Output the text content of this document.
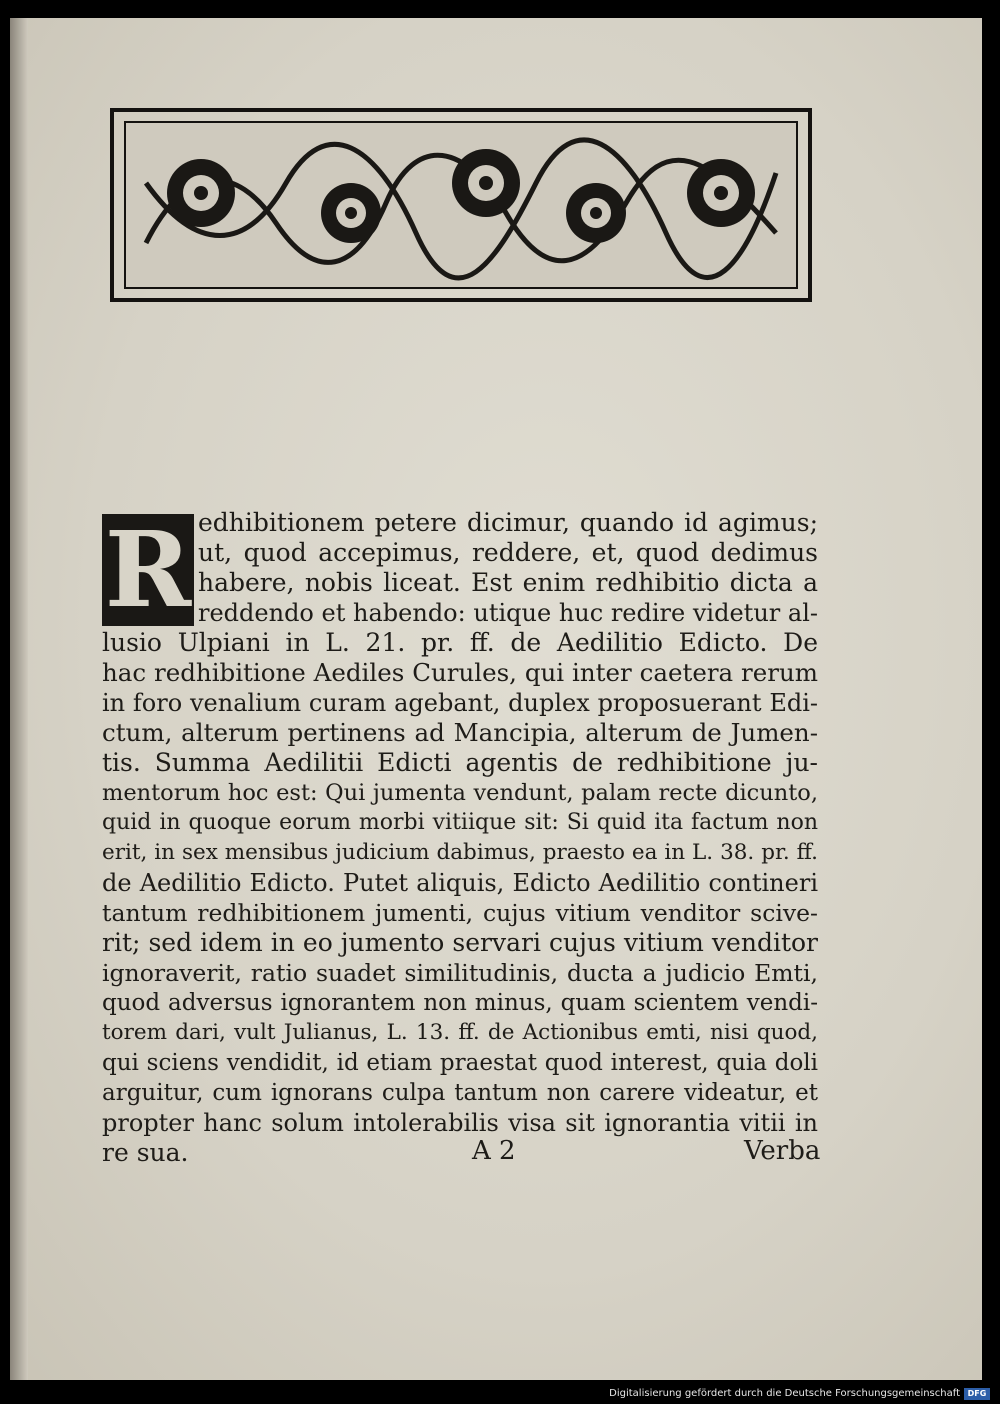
R edhibitionem petere dicimur, quando id agimus;
ut, quod accepimus, reddere, et, quod dedimus
habere, nobis liceat. Est enim redhibitio dicta a
reddendo et habendo: utique huc redire videtur al-
lusio Ulpiani in L. 21. pr. ff. de Aedilitio Edicto. De
hac redhibitione Aediles Curules, qui inter caetera rerum
in foro venalium curam agebant, duplex proposuerant Edi-
ctum, alterum pertinens ad Mancipia, alterum de Jumen-
tis. Summa Aedilitii Edicti agentis de redhibitione ju-
mentorum hoc est: Qui jumenta vendunt, palam recte dicunto,
quid in quoque eorum morbi vitiique sit: Si quid ita factum non
erit, in sex mensibus judicium dabimus, praesto ea in L. 38. pr. ff.
de Aedilitio Edicto. Putet aliquis, Edicto Aedilitio contineri
tantum redhibitionem jumenti, cujus vitium venditor scive-
rit; sed idem in eo jumento servari cujus vitium venditor
ignoraverit, ratio suadet similitudinis, ducta a judicio Emti,
quod adversus ignorantem non minus, quam scientem vendi-
torem dari, vult Julianus, L. 13. ff. de Actionibus emti, nisi quod,
qui sciens vendidit, id etiam praestat quod interest, quia doli
arguitur, cum ignorans culpa tantum non carere videatur, et
propter hanc solum intolerabilis visa sit ignorantia vitii in
re sua.	A 2	Verba
Digitalisierung gefördert durch die Deutsche Forschungsgemeinschaft DFG
